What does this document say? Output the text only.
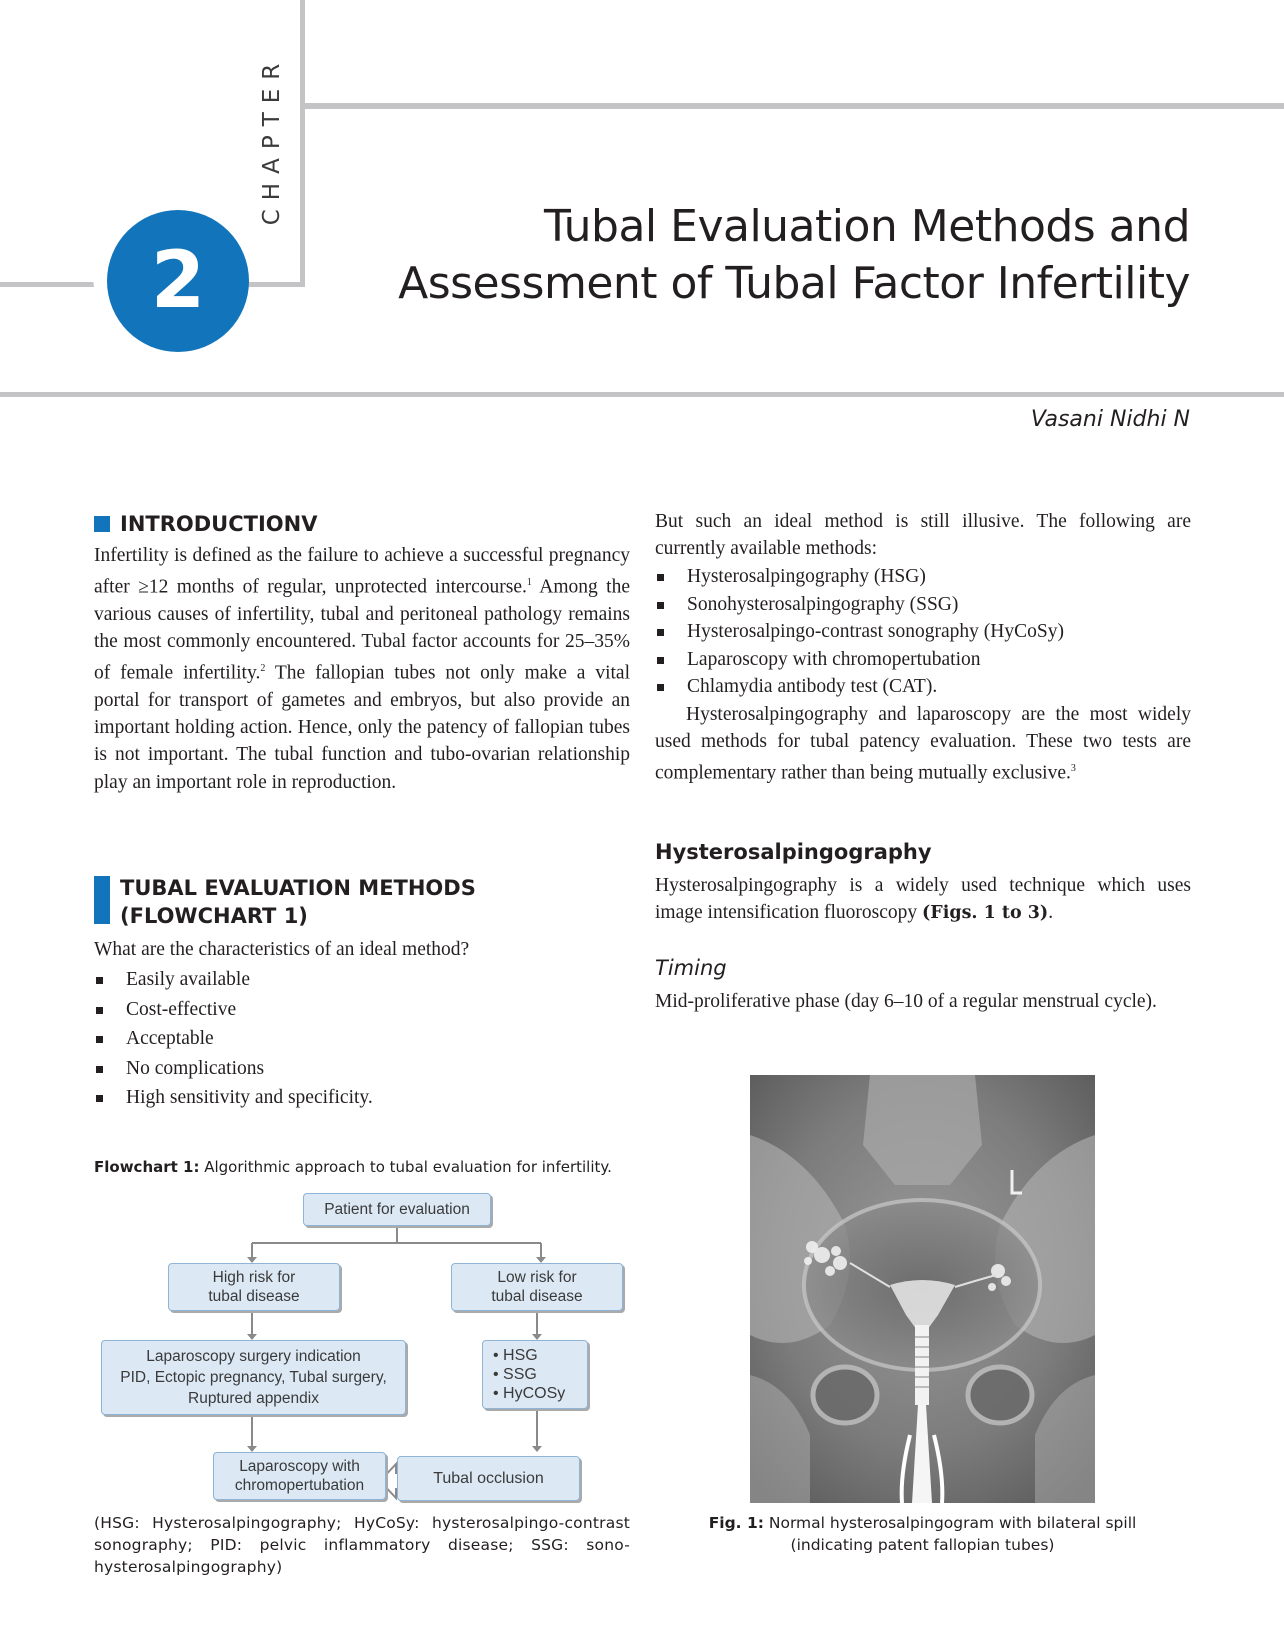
CHAPTER
2
Tubal Evaluation Methods and
Assessment of Tubal Factor Infertility
Vasani Nidhi N
INTRODUCTIONV

Infertility is defined as the failure to achieve a successful pregnancy after ≥12 months of regular, unprotected intercourse.$^1$ Among the various causes of infertility, tubal and peritoneal pathology remains the most commonly encountered. Tubal factor accounts for 25–35% of female infertility.$^2$ The fallopian tubes not only make a vital portal for transport of gametes and embryos, but also provide an important holding action. Hence, only the patency of fallopian tubes is not important. The tubal function and tubo-ovarian relationship play an important role in reproduction.

TUBAL EVALUATION METHODS
(FLOWCHART 1)

What are the characteristics of an ideal method?

Easily available
Cost-effective
Acceptable
No complications
High sensitivity and specificity.
Flowchart 1: Algorithmic approach to tubal evaluation for infertility.
Patient for evaluation
High risk for
tubal disease
Low risk for
tubal disease
Laparoscopy surgery indication
PID, Ectopic pregnancy, Tubal surgery,
Ruptured appendix
• HSG
• SSG
• HyCOSy
Laparoscopy with
chromopertubation	Tubal occlusion
(HSG: Hysterosalpingography; HyCoSy: hysterosalpingo-contrast sonography; PID: pelvic inflammatory disease; SSG: sono-hysterosalpingography)

But such an ideal method is still illusive. The following are currently available methods:

Hysterosalpingography (HSG)
Sonohysterosalpingography (SSG)
Hysterosalpingo-contrast sonography (HyCoSy)
Laparoscopy with chromopertubation
Chlamydia antibody test (CAT).

Hysterosalpingography and laparoscopy are the most widely used methods for tubal patency evaluation. These two tests are complementary rather than being mutually exclusive.$^3$

Hysterosalpingography

Hysterosalpingography is a widely used technique which uses image intensification fluoroscopy (Figs. 1 to 3).

Timing

Mid-proliferative phase (day 6–10 of a regular menstrual cycle).

Fig. 1: Normal hysterosalpingogram with bilateral spill
(indicating patent fallopian tubes)
